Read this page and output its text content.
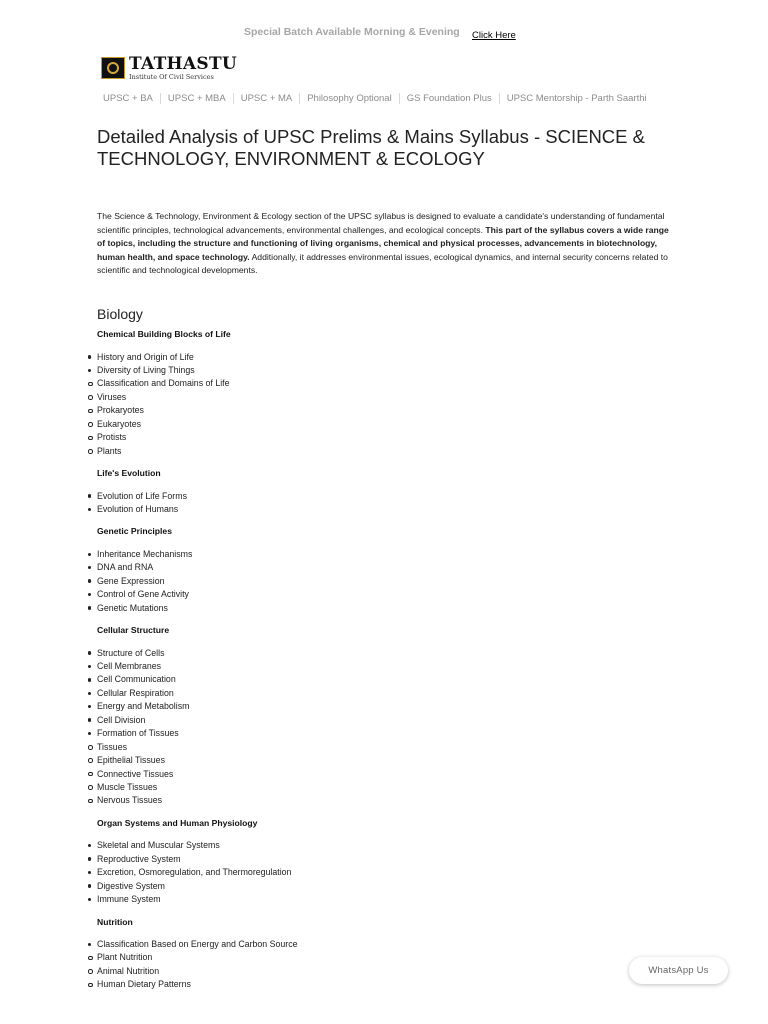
Special Batch Available Morning & Evening Click Here
TATHASTU
Institute Of Civil Services
UPSC + BA	UPSC + MBA	UPSC + MA	Philosophy Optional	GS Foundation Plus	UPSC Mentorship - Parth Saarthi
Detailed Analysis of UPSC Prelims & Mains Syllabus - SCIENCE & TECHNOLOGY, ENVIRONMENT & ECOLOGY

The Science & Technology, Environment & Ecology section of the UPSC syllabus is designed to evaluate a candidate's understanding of fundamental scientific principles, technological advancements, environmental challenges, and ecological concepts. This part of the syllabus covers a wide range of topics, including the structure and functioning of living organisms, chemical and physical processes, advancements in biotechnology, human health, and space technology. Additionally, it addresses environmental issues, ecological dynamics, and internal security concerns related to scientific and technological developments.

Biology
Chemical Building Blocks of Life
History and Origin of Life
Diversity of Living Things
Classification and Domains of Life
Viruses
Prokaryotes
Eukaryotes
Protists
Plants
Life's Evolution
Evolution of Life Forms
Evolution of Humans
Genetic Principles
Inheritance Mechanisms
DNA and RNA
Gene Expression
Control of Gene Activity
Genetic Mutations
Cellular Structure
Structure of Cells
Cell Membranes
Cell Communication
Cellular Respiration
Energy and Metabolism
Cell Division
Formation of Tissues
Tissues
Epithelial Tissues
Connective Tissues
Muscle Tissues
Nervous Tissues
Organ Systems and Human Physiology
Skeletal and Muscular Systems
Reproductive System
Excretion, Osmoregulation, and Thermoregulation
Digestive System
Immune System
Nutrition
Classification Based on Energy and Carbon Source
Plant Nutrition
Animal Nutrition
Human Dietary Patterns
WhatsApp Us
